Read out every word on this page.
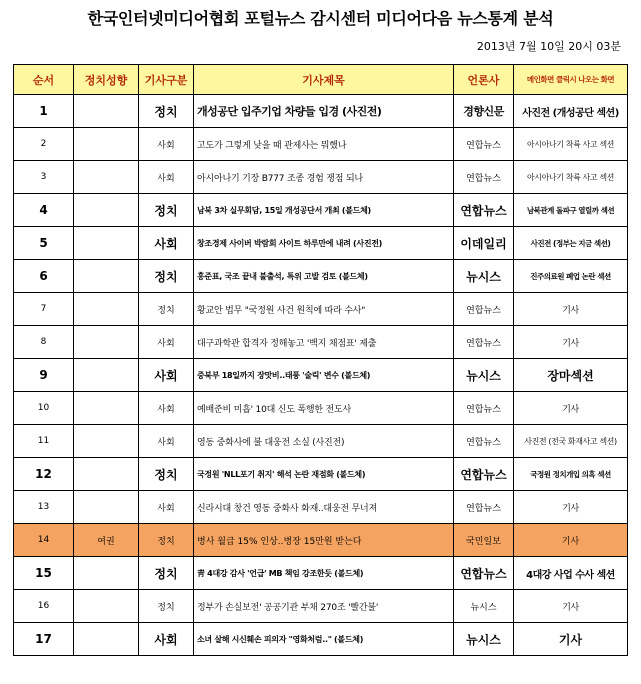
한국인터넷미디어협회 포털뉴스 감시센터 미디어다음 뉴스통계 분석
2013년 7월 10일 20시 03분
순서	정치성향	기사구분	기사제목	언론사	메인화면 클릭시 나오는 화면
1		정치	개성공단 입주기업 차량들 입경 (사진전)	경향신문	사진전 (개성공단 섹션)
2		사회	고도가 그렇게 낮을 때 관제사는 뭐했나	연합뉴스	아시아나기 착륙 사고 섹션
3		사회	아시아나기 기장 B777 조종 경험 쟁점 되나	연합뉴스	아시아나기 착륙 사고 섹션
4		정치	남북 3차 실무회담, 15일 개성공단서 개최 (볼드체)	연합뉴스	남북관계 돌파구 열릴까 섹션
5		사회	창조경제 사이버 박람회 사이트 하루만에 내려 (사진전)	이데일리	사진전 (정부는 지금 섹션)
6		정치	홍준표, 국조 끝내 불출석, 특위 고발 검토 (볼드체)	뉴시스	진주의료원 폐업 논란 섹션
7		정치	황교안 법무 "국정원 사건 원칙에 따라 수사"	연합뉴스	기사
8		사회	대구과학관 합격자 정해놓고 '백지 채점표' 제출	연합뉴스	기사
9		사회	중북부 18일까지 장맛비..태풍 '술릭' 변수 (볼드체)	뉴시스	장마섹션
10		사회	예배준비 미흡' 10대 신도 폭행한 전도사	연합뉴스	기사
11		사회	영동 중화사에 불 대웅전 소실 (사진전)	연합뉴스	사진전 (전국 화재사고 섹션)
12		정치	국정원 'NLL포기 취지' 해석 논란 재점화 (볼드체)	연합뉴스	국정원 정치개입 의혹 섹션
13		사회	신라시대 창건 영동 중화사 화재..대웅전 무너져	연합뉴스	기사
14	여권	정치	병사 월급 15% 인상..병장 15만원 받는다	국민일보	기사
15		정치	靑 4대강 감사 '언급' MB 책임 강조한듯 (볼드체)	연합뉴스	4대강 사업 수사 섹션
16		정치	정부가 손실보전' 공공기관 부채 270조 '빨간불'	뉴시스	기사
17		사회	소녀 살해 시신훼손 피의자 "영화처럼.." (볼드체)	뉴시스	기사
